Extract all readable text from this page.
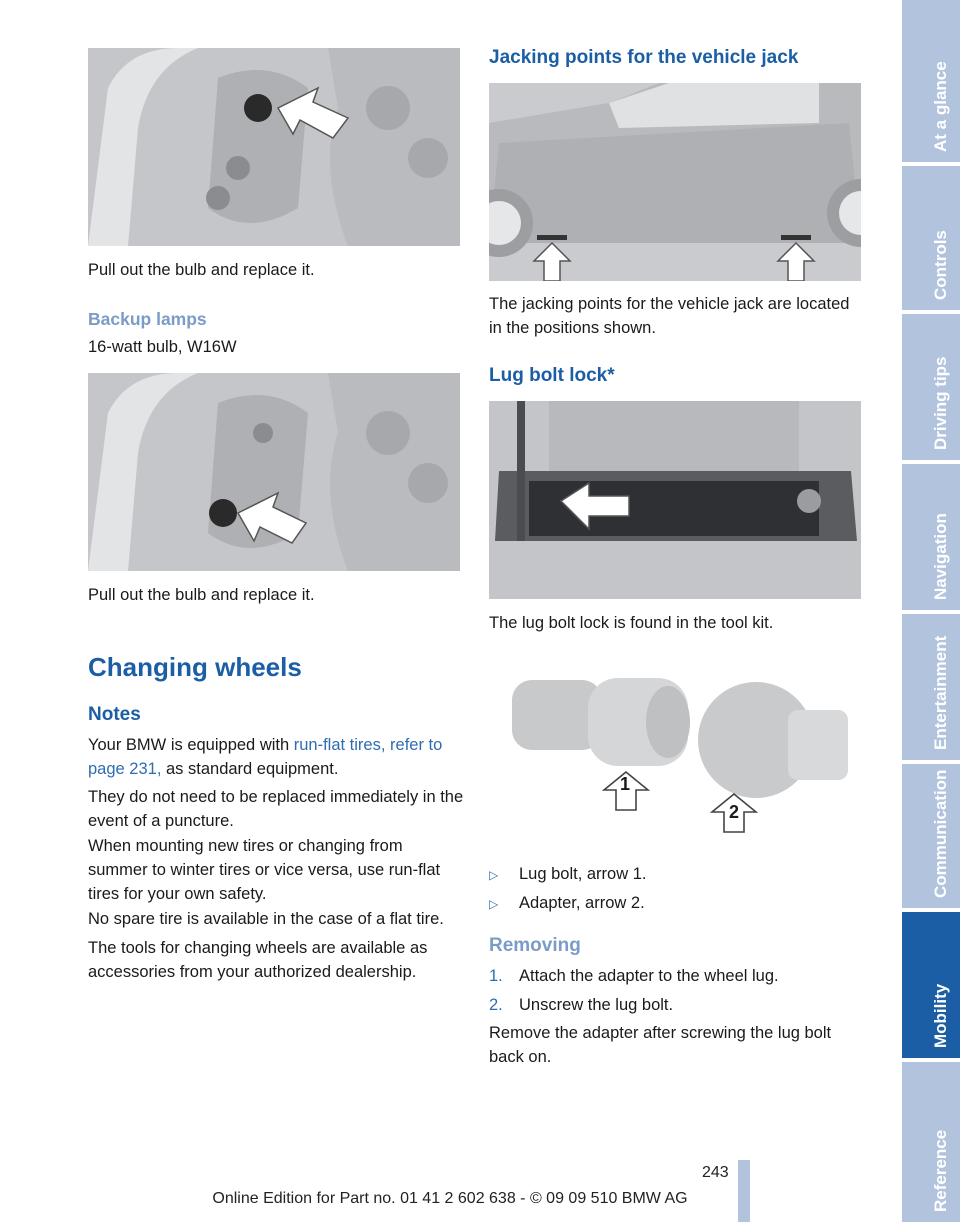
Pull out the bulb and replace it.

Backup lamps

16-watt bulb, W16W

Pull out the bulb and replace it.

Changing wheels
Notes

Your BMW is equipped with run-flat tires, refer to page 231, as standard equipment.

They do not need to be replaced immediately in the event of a puncture.

When mounting new tires or changing from summer to winter tires or vice versa, use run-flat tires for your own safety.

No spare tire is available in the case of a flat tire.

The tools for changing wheels are available as accessories from your authorized dealership.

Jacking points for the vehicle jack

The jacking points for the vehicle jack are located in the positions shown.

Lug bolt lock*

The lug bolt lock is found in the tool kit.

1
2
▷ Lug bolt, arrow 1.
▷ Adapter, arrow 2.

Removing

1. Attach the adapter to the wheel lug.
2. Unscrew the lug bolt.

Remove the adapter after screwing the lug bolt back on.

At a glance
Controls
Driving tips
Navigation
Entertainment
Communication
Mobility
Reference
243
Online Edition for Part no. 01 41 2 602 638 - © 09 09 510 BMW AG
